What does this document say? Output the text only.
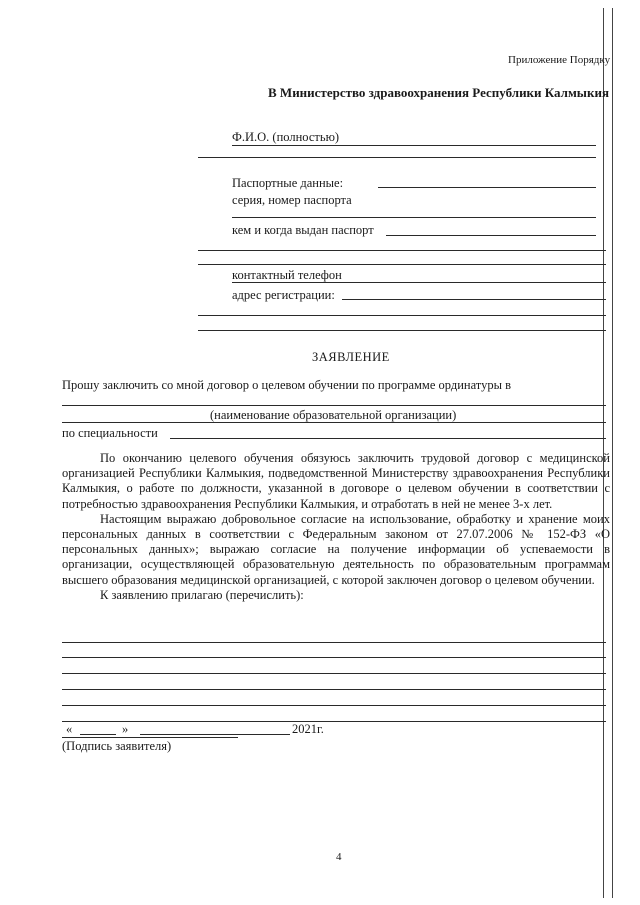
Приложение Порядку
В Министерство здравоохранения Республики Калмыкия
Ф.И.О. (полностью)
Паспортные данные:
серия, номер паспорта
кем и когда выдан паспорт
контактный телефон
адрес регистрации:
ЗАЯВЛЕНИЕ
Прошу заключить со мной договор о целевом обучении по программе ординатуры в
(наименование образовательной организации)
по специальности

По окончанию целевого обучения обязуюсь заключить трудовой договор с медицинской организацией Республики Калмыкия, подведомственной Министерству здравоохранения Республики Калмыкия, о работе по должности, указанной в договоре о целевом обучении в соответствии с потребностью здравоохранения Республики Калмыкия, и отработать в ней не менее 3-х лет.

Настоящим выражаю добровольное согласие на использование, обработку и хранение моих персональных данных в соответствии с Федеральным законом от 27.07.2006 № 152-ФЗ «О персональных данных»; выражаю согласие на получение информации об успеваемости в организации, осуществляющей образовательную деятельность по образовательным программам высшего образования медицинской организацией, с которой заключен договор о целевом обучении.

К заявлению прилагаю (перечислить):

«	»	2021г.
(Подпись заявителя)
4
